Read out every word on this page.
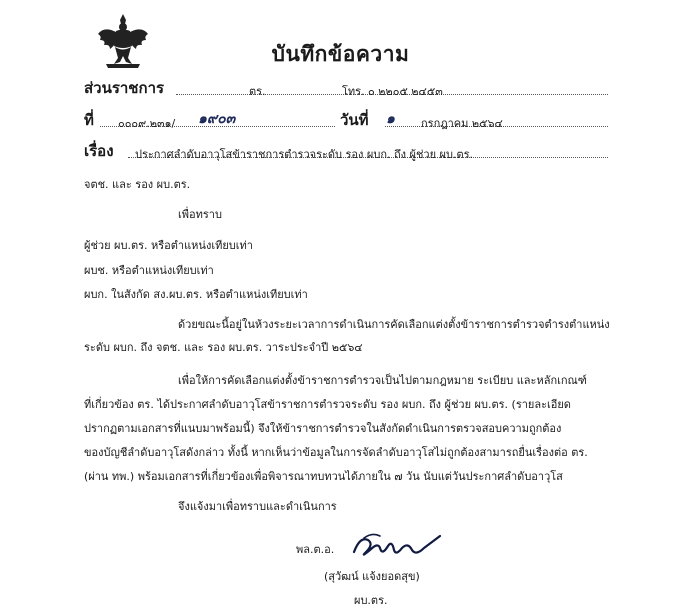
บันทึกข้อความ
ส่วนราชการ	ตร.	โทร. ๐ ๒๒๐๕ ๒๔๕๓
ที่ ๐๐๐๙.๒๓๑/ ๑๙๐๓	วันที่ ๑ กรกฎาคม ๒๕๖๔
เรื่อง ประกาศลำดับอาวุโสข้าราชการตำรวจระดับ รอง ผบก. ถึง ผู้ช่วย ผบ.ตร.
จตช. และ รอง ผบ.ตร.
เพื่อทราบ
ผู้ช่วย ผบ.ตร. หรือตำแหน่งเทียบเท่า
ผบช. หรือตำแหน่งเทียบเท่า
ผบก. ในสังกัด สง.ผบ.ตร. หรือตำแหน่งเทียบเท่า
ด้วยขณะนี้อยู่ในห้วงระยะเวลาการดำเนินการคัดเลือกแต่งตั้งข้าราชการตำรวจตำรงตำแหน่ง
ระดับ ผบก. ถึง จตช. และ รอง ผบ.ตร. วาระประจำปี ๒๕๖๔
เพื่อให้การคัดเลือกแต่งตั้งข้าราชการตำรวจเป็นไปตามกฎหมาย ระเบียบ และหลักเกณฑ์
ที่เกี่ยวข้อง ตร. ได้ประกาศลำดับอาวุโสข้าราชการตำรวจระดับ รอง ผบก. ถึง ผู้ช่วย ผบ.ตร. (รายละเอียด
ปรากฏตามเอกสารที่แนบมาพร้อมนี้) จึงให้ข้าราชการตำรวจในสังกัดดำเนินการตรวจสอบความถูกต้อง
ของบัญชีลำดับอาวุโสดังกล่าว ทั้งนี้ หากเห็นว่าข้อมูลในการจัดลำดับอาวุโสไม่ถูกต้องสามารถยื่นเรื่องต่อ ตร.
(ผ่าน ทพ.) พร้อมเอกสารที่เกี่ยวข้องเพื่อพิจารณาทบทวนได้ภายใน ๗ วัน นับแต่วันประกาศลำดับอาวุโส
จึงแจ้งมาเพื่อทราบและดำเนินการ
พล.ต.อ.
(สุวัฒน์ แจ้งยอดสุข)
ผบ.ตร.
